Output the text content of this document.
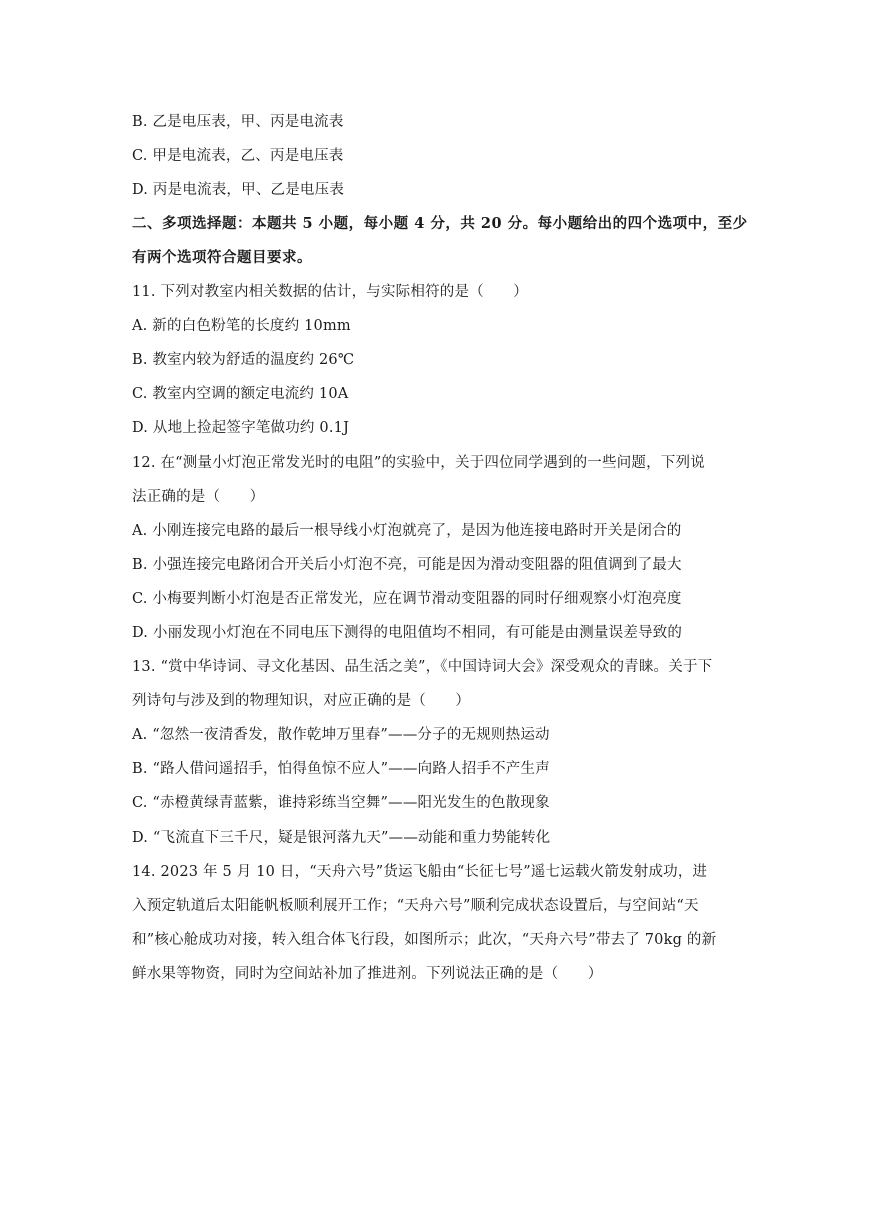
B. 乙是电压表，甲、丙是电流表
C. 甲是电流表，乙、丙是电压表
D. 丙是电流表，甲、乙是电压表
二、多项选择题：本题共 5 小题，每小题 4 分，共 20 分。每小题给出的四个选项中，至少
有两个选项符合题目要求。
11. 下列对教室内相关数据的估计，与实际相符的是（　　）
A. 新的白色粉笔的长度约 10mm
B. 教室内较为舒适的温度约 26℃
C. 教室内空调的额定电流约 10A
D. 从地上捡起签字笔做功约 0.1J
12. 在“测量小灯泡正常发光时的电阻”的实验中，关于四位同学遇到的一些问题，下列说
法正确的是（　　）
A. 小刚连接完电路的最后一根导线小灯泡就亮了，是因为他连接电路时开关是闭合的
B. 小强连接完电路闭合开关后小灯泡不亮，可能是因为滑动变阻器的阻值调到了最大
C. 小梅要判断小灯泡是否正常发光，应在调节滑动变阻器的同时仔细观察小灯泡亮度
D. 小丽发现小灯泡在不同电压下测得的电阻值均不相同，有可能是由测量误差导致的
13. “赏中华诗词、寻文化基因、品生活之美”，《中国诗词大会》深受观众的青睐。关于下
列诗句与涉及到的物理知识，对应正确的是（　　）
A. “忽然一夜清香发，散作乾坤万里春”——分子的无规则热运动
B. “路人借问遥招手，怕得鱼惊不应人”——向路人招手不产生声
C. “赤橙黄绿青蓝紫，谁持彩练当空舞”——阳光发生的色散现象
D. “飞流直下三千尺，疑是银河落九天”——动能和重力势能转化
14. 2023 年 5 月 10 日，“天舟六号”货运飞船由“长征七号”遥七运载火箭发射成功，进
入预定轨道后太阳能帆板顺利展开工作；“天舟六号”顺利完成状态设置后，与空间站“天
和”核心舱成功对接，转入组合体飞行段，如图所示；此次，“天舟六号”带去了 70kg 的新
鲜水果等物资，同时为空间站补加了推进剂。下列说法正确的是（　　）
